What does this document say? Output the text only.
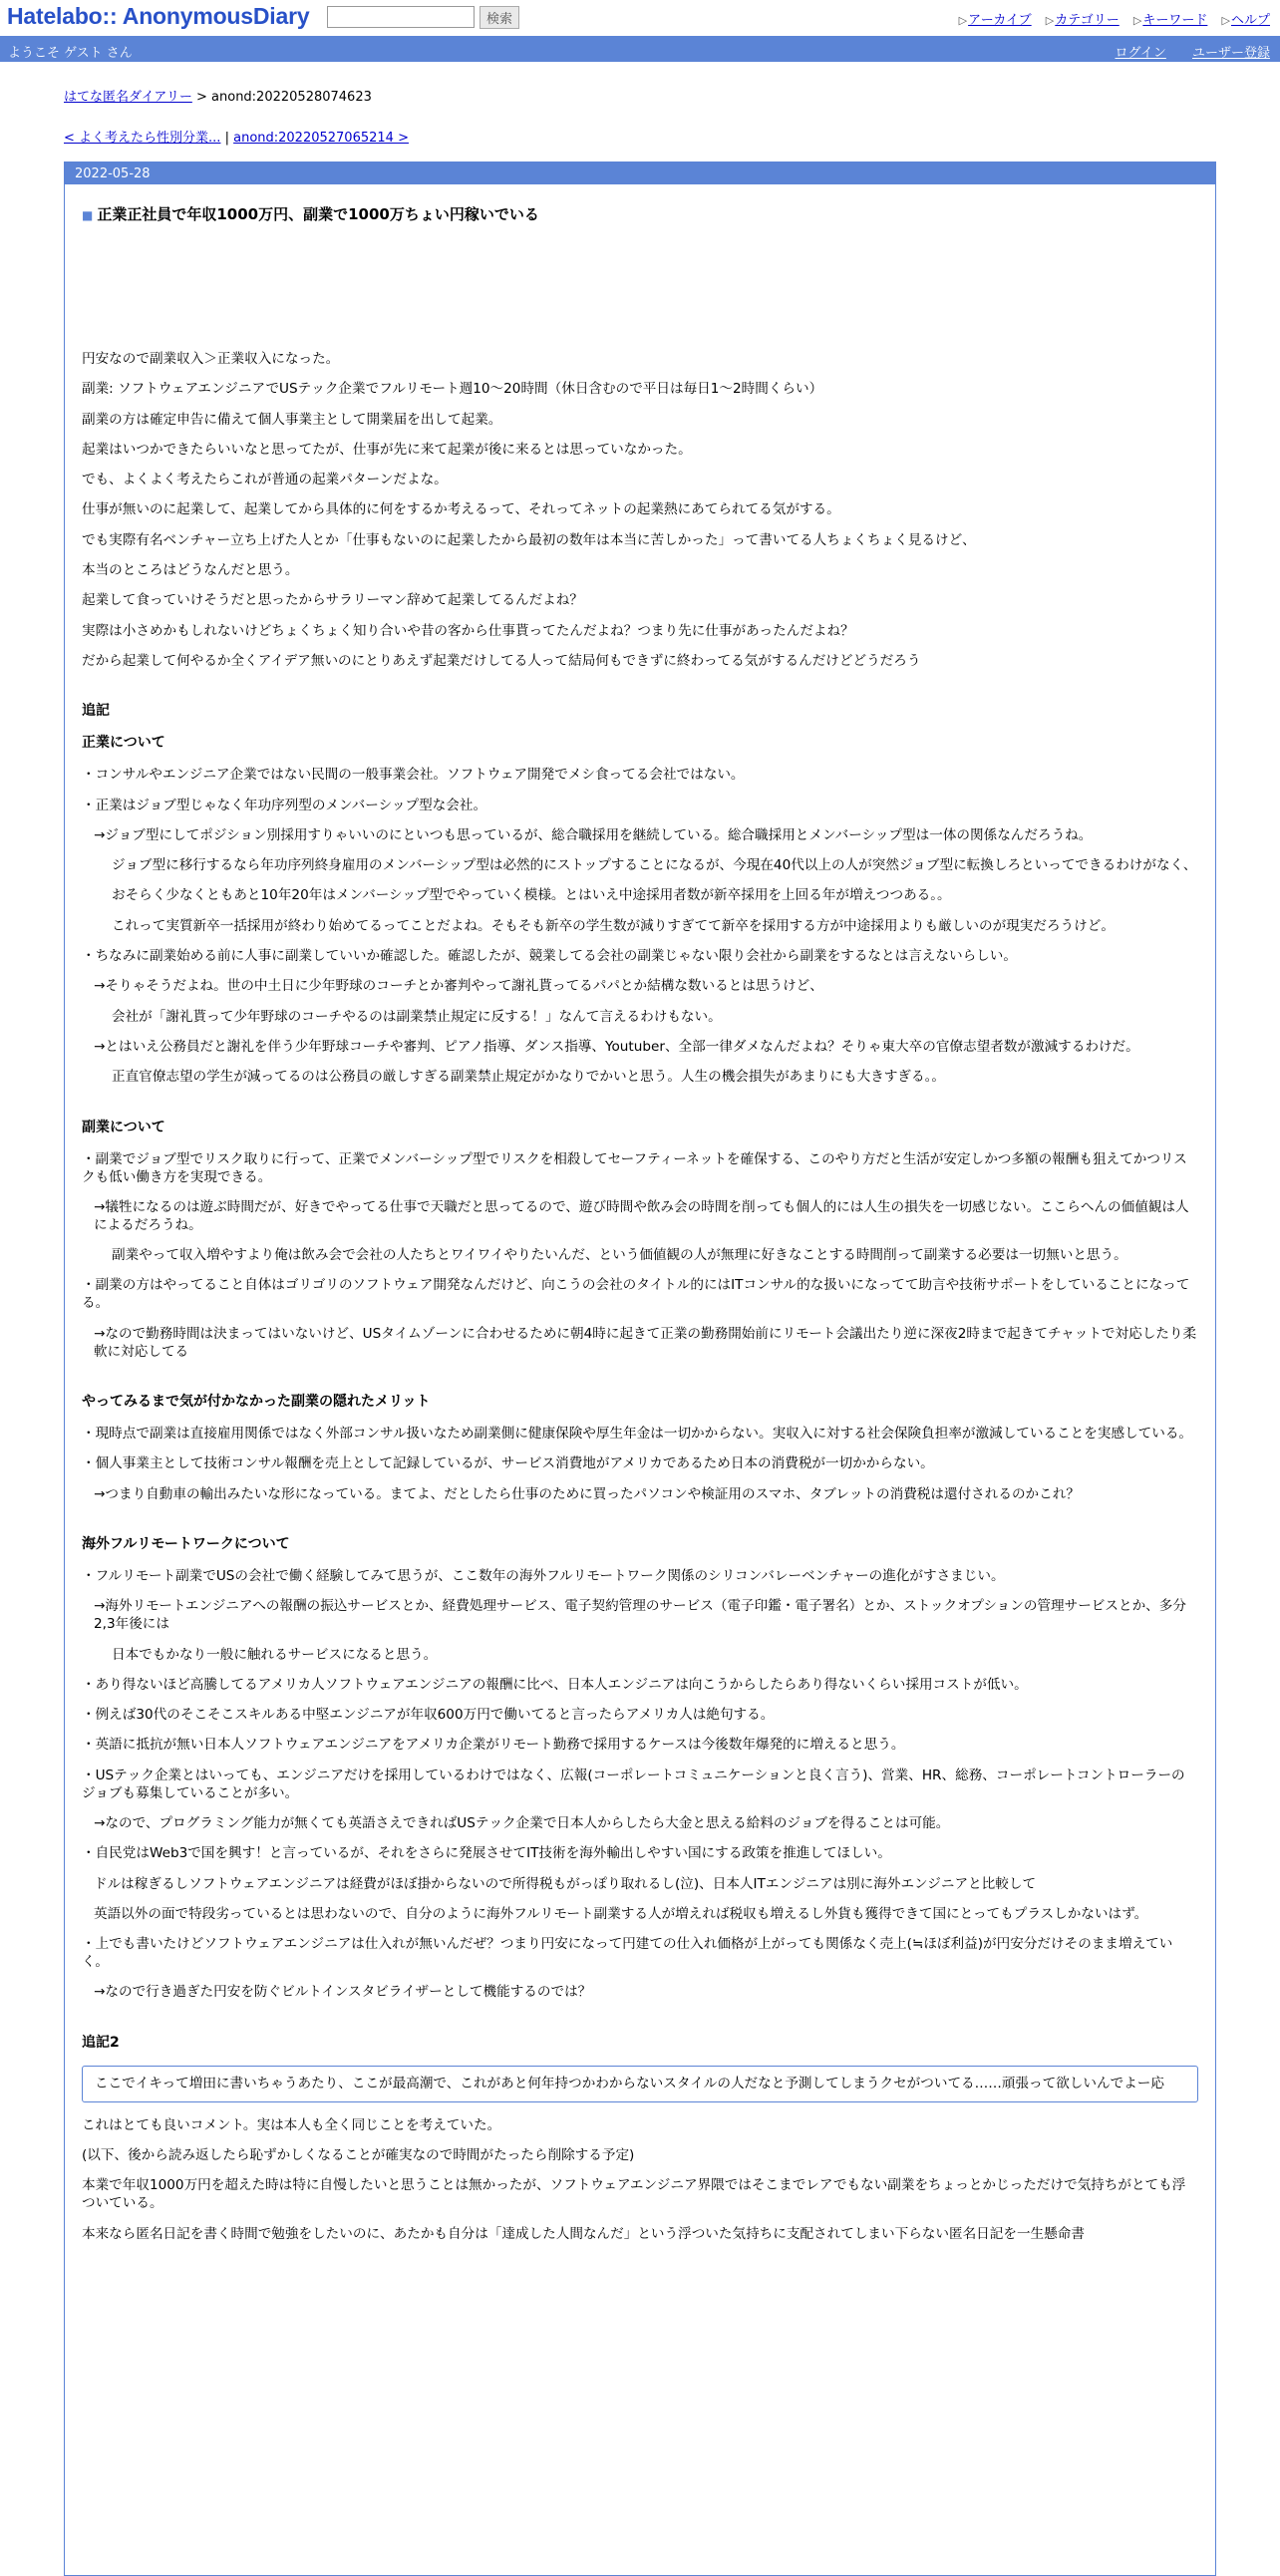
Hatelabo:: AnonymousDiary	検索	▷アーカイブ ▷カテゴリー ▷キーワード ▷ヘルプ
ようこそ ゲスト さん	ログイン ユーザー登録
はてな匿名ダイアリー > anond:20220528074623
< よく考えたら性別分業... | anond:20220527065214 >
2022-05-28
■ 正業正社員で年収1000万円、副業で1000万ちょい円稼いでいる

円安なので副業収入＞正業収入になった。

副業: ソフトウェアエンジニアでUSテック企業でフルリモート週10～20時間（休日含むので平日は毎日1～2時間くらい）

副業の方は確定申告に備えて個人事業主として開業届を出して起業。

起業はいつかできたらいいなと思ってたが、仕事が先に来て起業が後に来るとは思っていなかった。

でも、よくよく考えたらこれが普通の起業パターンだよな。

仕事が無いのに起業して、起業してから具体的に何をするか考えるって、それってネットの起業熱にあてられてる気がする。

でも実際有名ベンチャー立ち上げた人とか「仕事もないのに起業したから最初の数年は本当に苦しかった」って書いてる人ちょくちょく見るけど、

本当のところはどうなんだと思う。

起業して食っていけそうだと思ったからサラリーマン辞めて起業してるんだよね？

実際は小さめかもしれないけどちょくちょく知り合いや昔の客から仕事貰ってたんだよね？つまり先に仕事があったんだよね？

だから起業して何やるか全くアイデア無いのにとりあえず起業だけしてる人って結局何もできずに終わってる気がするんだけどどうだろう

追記
正業について

・コンサルやエンジニア企業ではない民間の一般事業会社。ソフトウェア開発でメシ食ってる会社ではない。

・正業はジョブ型じゃなく年功序列型のメンバーシップ型な会社。

→ジョブ型にしてポジション別採用すりゃいいのにといつも思っているが、総合職採用を継続している。総合職採用とメンバーシップ型は一体の関係なんだろうね。

ジョブ型に移行するなら年功序列終身雇用のメンバーシップ型は必然的にストップすることになるが、今現在40代以上の人が突然ジョブ型に転換しろといってできるわけがなく、

おそらく少なくともあと10年20年はメンバーシップ型でやっていく模様。とはいえ中途採用者数が新卒採用を上回る年が増えつつある。。

これって実質新卒一括採用が終わり始めてるってことだよね。そもそも新卒の学生数が減りすぎてて新卒を採用する方が中途採用よりも厳しいのが現実だろうけど。

・ちなみに副業始める前に人事に副業していいか確認した。確認したが、競業してる会社の副業じゃない限り会社から副業をするなとは言えないらしい。

→そりゃそうだよね。世の中土日に少年野球のコーチとか審判やって謝礼貰ってるパパとか結構な数いるとは思うけど、

会社が「謝礼貰って少年野球のコーチやるのは副業禁止規定に反する！」なんて言えるわけもない。

→とはいえ公務員だと謝礼を伴う少年野球コーチや審判、ピアノ指導、ダンス指導、Youtuber、全部一律ダメなんだよね？そりゃ東大卒の官僚志望者数が激減するわけだ。

正直官僚志望の学生が減ってるのは公務員の厳しすぎる副業禁止規定がかなりでかいと思う。人生の機会損失があまりにも大きすぎる。。

副業について

・副業でジョブ型でリスク取りに行って、正業でメンバーシップ型でリスクを相殺してセーフティーネットを確保する、このやり方だと生活が安定しかつ多額の報酬も狙えてかつリスクも低い働き方を実現できる。

→犠牲になるのは遊ぶ時間だが、好きでやってる仕事で天職だと思ってるので、遊び時間や飲み会の時間を削っても個人的には人生の損失を一切感じない。ここらへんの価値観は人によるだろうね。

副業やって収入増やすより俺は飲み会で会社の人たちとワイワイやりたいんだ、という価値観の人が無理に好きなことする時間削って副業する必要は一切無いと思う。

・副業の方はやってること自体はゴリゴリのソフトウェア開発なんだけど、向こうの会社のタイトル的にはITコンサル的な扱いになってて助言や技術サポートをしていることになってる。

→なので勤務時間は決まってはいないけど、USタイムゾーンに合わせるために朝4時に起きて正業の勤務開始前にリモート会議出たり逆に深夜2時まで起きてチャットで対応したり柔軟に対応してる

やってみるまで気が付かなかった副業の隠れたメリット

・現時点で副業は直接雇用関係ではなく外部コンサル扱いなため副業側に健康保険や厚生年金は一切かからない。実収入に対する社会保険負担率が激減していることを実感している。

・個人事業主として技術コンサル報酬を売上として記録しているが、サービス消費地がアメリカであるため日本の消費税が一切かからない。

→つまり自動車の輸出みたいな形になっている。まてよ、だとしたら仕事のために買ったパソコンや検証用のスマホ、タブレットの消費税は還付されるのかこれ？

海外フルリモートワークについて

・フルリモート副業でUSの会社で働く経験してみて思うが、ここ数年の海外フルリモートワーク関係のシリコンバレーベンチャーの進化がすさまじい。

→海外リモートエンジニアへの報酬の振込サービスとか、経費処理サービス、電子契約管理のサービス（電子印鑑・電子署名）とか、ストックオプションの管理サービスとか、多分2,3年後には

日本でもかなり一般に触れるサービスになると思う。

・あり得ないほど高騰してるアメリカ人ソフトウェアエンジニアの報酬に比べ、日本人エンジニアは向こうからしたらあり得ないくらい採用コストが低い。

・例えば30代のそこそこスキルある中堅エンジニアが年収600万円で働いてると言ったらアメリカ人は絶句する。

・英語に抵抗が無い日本人ソフトウェアエンジニアをアメリカ企業がリモート勤務で採用するケースは今後数年爆発的に増えると思う。

・USテック企業とはいっても、エンジニアだけを採用しているわけではなく、広報(コーポレートコミュニケーションと良く言う)、営業、HR、総務、コーポレートコントローラーのジョブも募集していることが多い。

→なので、プログラミング能力が無くても英語さえできればUSテック企業で日本人からしたら大金と思える給料のジョブを得ることは可能。

・自民党はWeb3で国を興す！と言っているが、それをさらに発展させてIT技術を海外輸出しやすい国にする政策を推進してほしい。

ドルは稼ぎるしソフトウェアエンジニアは経費がほぼ掛からないので所得税もがっぽり取れるし(泣)、日本人ITエンジニアは別に海外エンジニアと比較して

英語以外の面で特段劣っているとは思わないので、自分のように海外フルリモート副業する人が増えれば税収も増えるし外貨も獲得できて国にとってもプラスしかないはず。

・上でも書いたけどソフトウェアエンジニアは仕入れが無いんだぜ？つまり円安になって円建ての仕入れ価格が上がっても関係なく売上(≒ほぼ利益)が円安分だけそのまま増えていく。

→なので行き過ぎた円安を防ぐビルトインスタビライザーとして機能するのでは？

追記2
ここでイキって増田に書いちゃうあたり、ここが最高潮で、これがあと何年持つかわからないスタイルの人だなと予測してしまうクセがついてる……頑張って欲しいんでよー応

これはとても良いコメント。実は本人も全く同じことを考えていた。

(以下、後から読み返したら恥ずかしくなることが確実なので時間がたったら削除する予定)

本業で年収1000万円を超えた時は特に自慢したいと思うことは無かったが、ソフトウェアエンジニア界隈ではそこまでレアでもない副業をちょっとかじっただけで気持ちがとても浮ついている。

本来なら匿名日記を書く時間で勉強をしたいのに、あたかも自分は「達成した人間なんだ」という浮ついた気持ちに支配されてしまい下らない匿名日記を一生懸命書
